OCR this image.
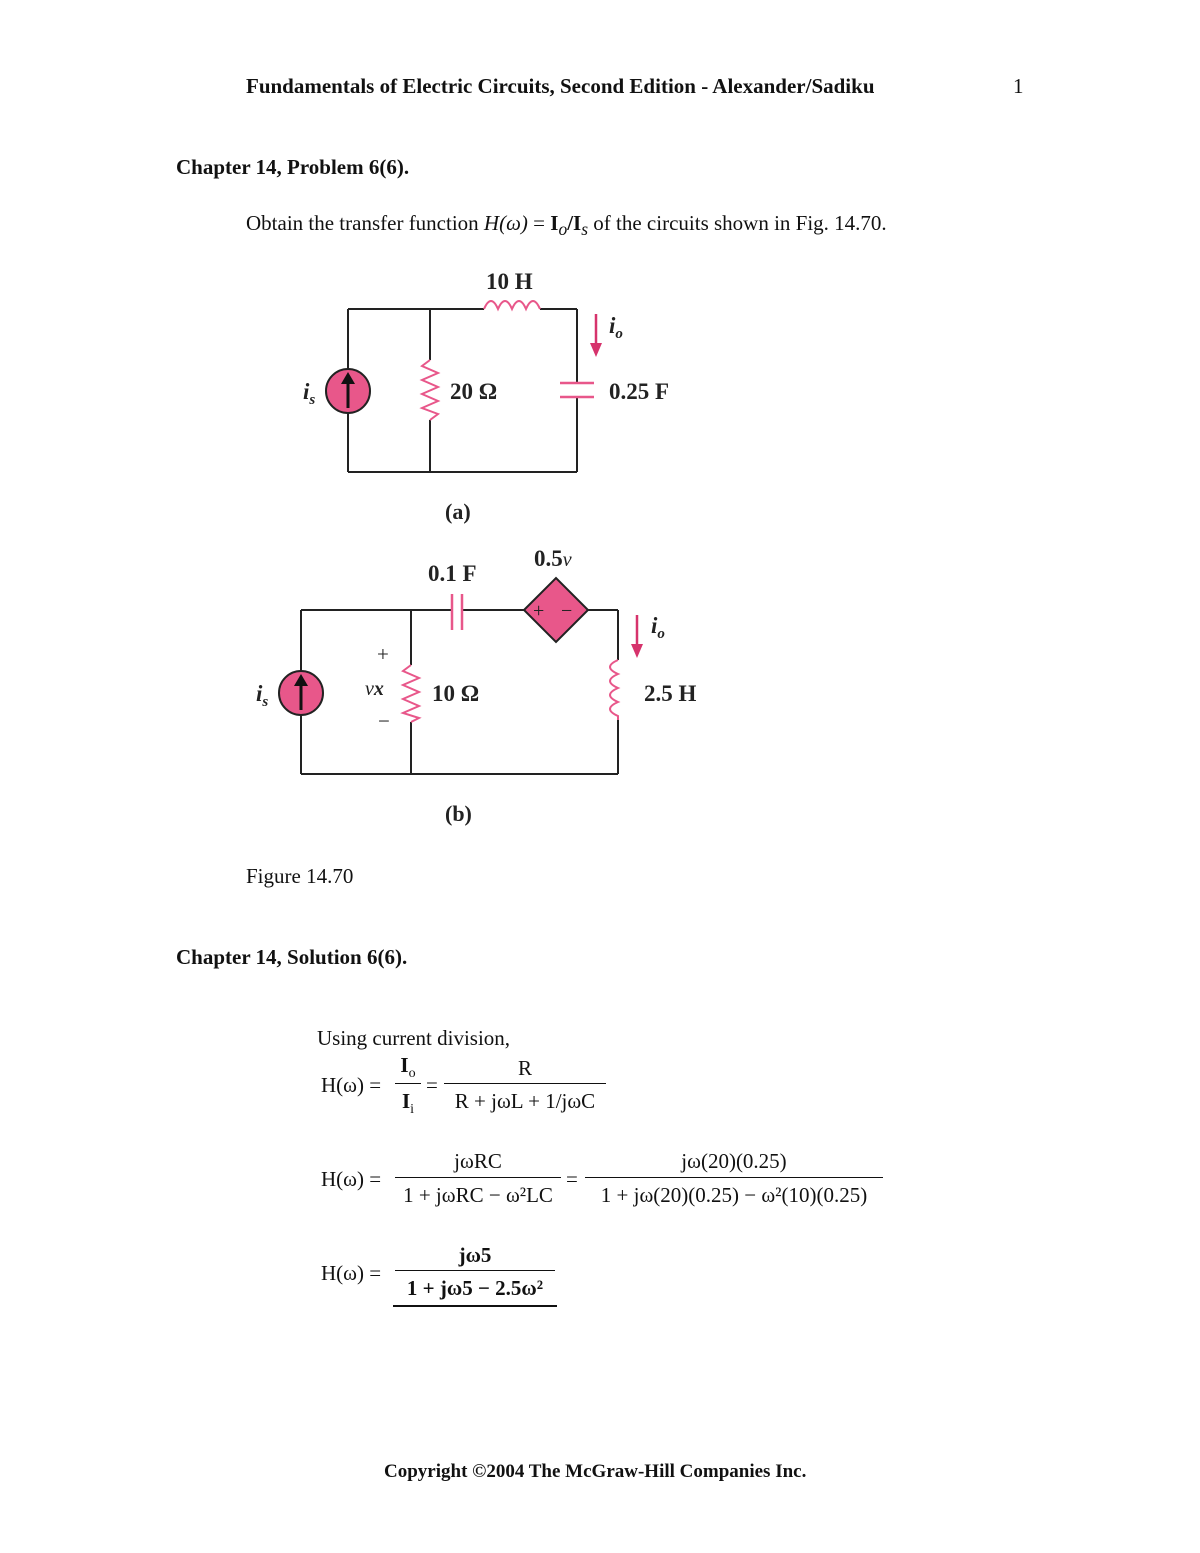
Fundamentals of Electric Circuits, Second Edition - Alexander/Sadiku	1
Chapter 14, Problem 6(6).
Obtain the transfer function $H(\omega) = I_o/I_s$ of the circuits shown in Fig. 14.70.
10 H
20 Ω	0.25 F
$i_s$
$i_o$
(a)
+ −
0.1 F
0.5v
10 Ω	2.5 H
$i_s$
$i_o$
+
vx
−
(b)
Figure 14.70
Chapter 14, Solution 6(6).
Using current division,
H(ω) =
$I_o$
$I_i$
=
R
R + jωL + 1/jωC
H(ω) =
jωRC
1 + jωRC − ω²LC
=
jω(20)(0.25)
1 + jω(20)(0.25) − ω²(10)(0.25)
H(ω) =
jω5
1 + jω5 − 2.5ω²
Copyright ©2004 The McGraw-Hill Companies Inc.
